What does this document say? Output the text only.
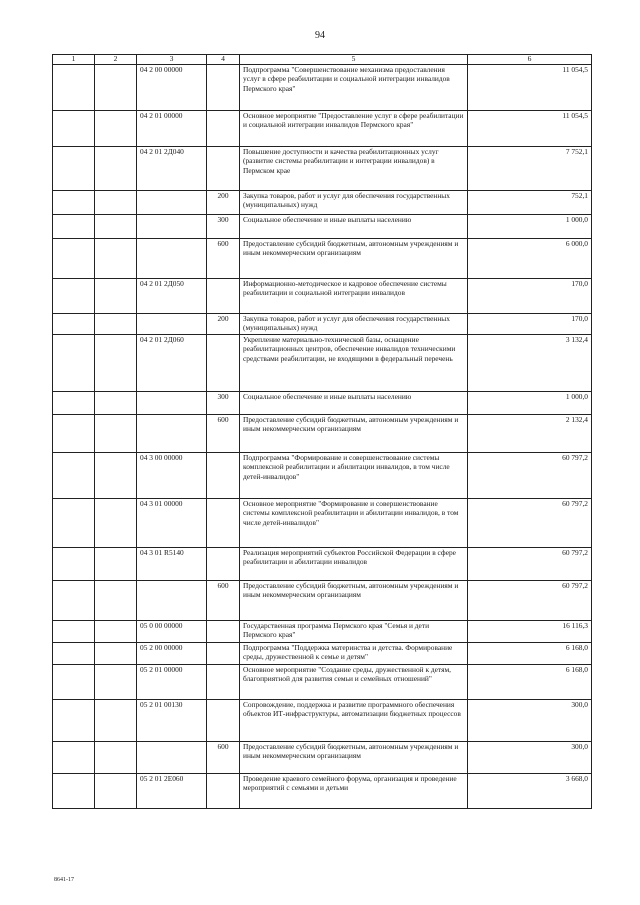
94
1	2	3	4	5	6
		04 2 00 00000		Подпрограмма "Совершенствование механизма предоставления услуг в сфере реабилитации и социальной интеграции инвалидов Пермского края"	11 054,5
		04 2 01 00000		Основное мероприятие "Предоставление услуг в сфере реабилитации и социальной интеграции инвалидов Пермского края"	11 054,5
		04 2 01 2Д040		Повышение доступности и качества реабилитационных услуг (развитие системы реабилитации и интеграции инвалидов) в Пермском крае	7 752,1
			200	Закупка товаров, работ и услуг для обеспечения государственных (муниципальных) нужд	752,1
			300	Социальное обеспечение и иные выплаты населению	1 000,0
			600	Предоставление субсидий бюджетным, автономным учреждениям и иным некоммерческим организациям	6 000,0
		04 2 01 2Д050		Информационно-методическое и кадровое обеспечение системы реабилитации и социальной интеграции инвалидов	170,0
			200	Закупка товаров, работ и услуг для обеспечения государственных (муниципальных) нужд	170,0
		04 2 01 2Д060		Укрепление материально-технической базы, оснащение реабилитационных центров, обеспечение инвалидов техническими средствами реабилитации, не входящими в федеральный перечень	3 132,4
			300	Социальное обеспечение и иные выплаты населению	1 000,0
			600	Предоставление субсидий бюджетным, автономным учреждениям и иным некоммерческим организациям	2 132,4
		04 3 00 00000		Подпрограмма "Формирование и совершенствование системы комплексной реабилитации и абилитации инвалидов, в том числе детей-инвалидов"	60 797,2
		04 3 01 00000		Основное мероприятие "Формирование и совершенствование системы комплексной реабилитации и абилитации инвалидов, в том числе детей-инвалидов"	60 797,2
		04 3 01 R5140		Реализация мероприятий субъектов Российской Федерации в сфере реабилитации и абилитации инвалидов	60 797,2
			600	Предоставление субсидий бюджетным, автономным учреждениям и иным некоммерческим организациям	60 797,2
		05 0 00 00000		Государственная программа Пермского края "Семья и дети Пермского края"	16 116,3
		05 2 00 00000		Подпрограмма "Поддержка материнства и детства. Формирование среды, дружественной к семье и детям"	6 168,0
		05 2 01 00000		Основное мероприятие "Создание среды, дружественной к детям, благоприятной для развития семьи и семейных отношений"	6 168,0
		05 2 01 00130		Сопровождение, поддержка и развитие программного обеспечения объектов ИТ-инфраструктуры, автоматизации бюджетных процессов	300,0
			600	Предоставление субсидий бюджетным, автономным учреждениям и иным некоммерческим организациям	300,0
		05 2 01 2Е060		Проведение краевого семейного форума, организация и проведение мероприятий с семьями и детьми	3 668,0
8641-17
